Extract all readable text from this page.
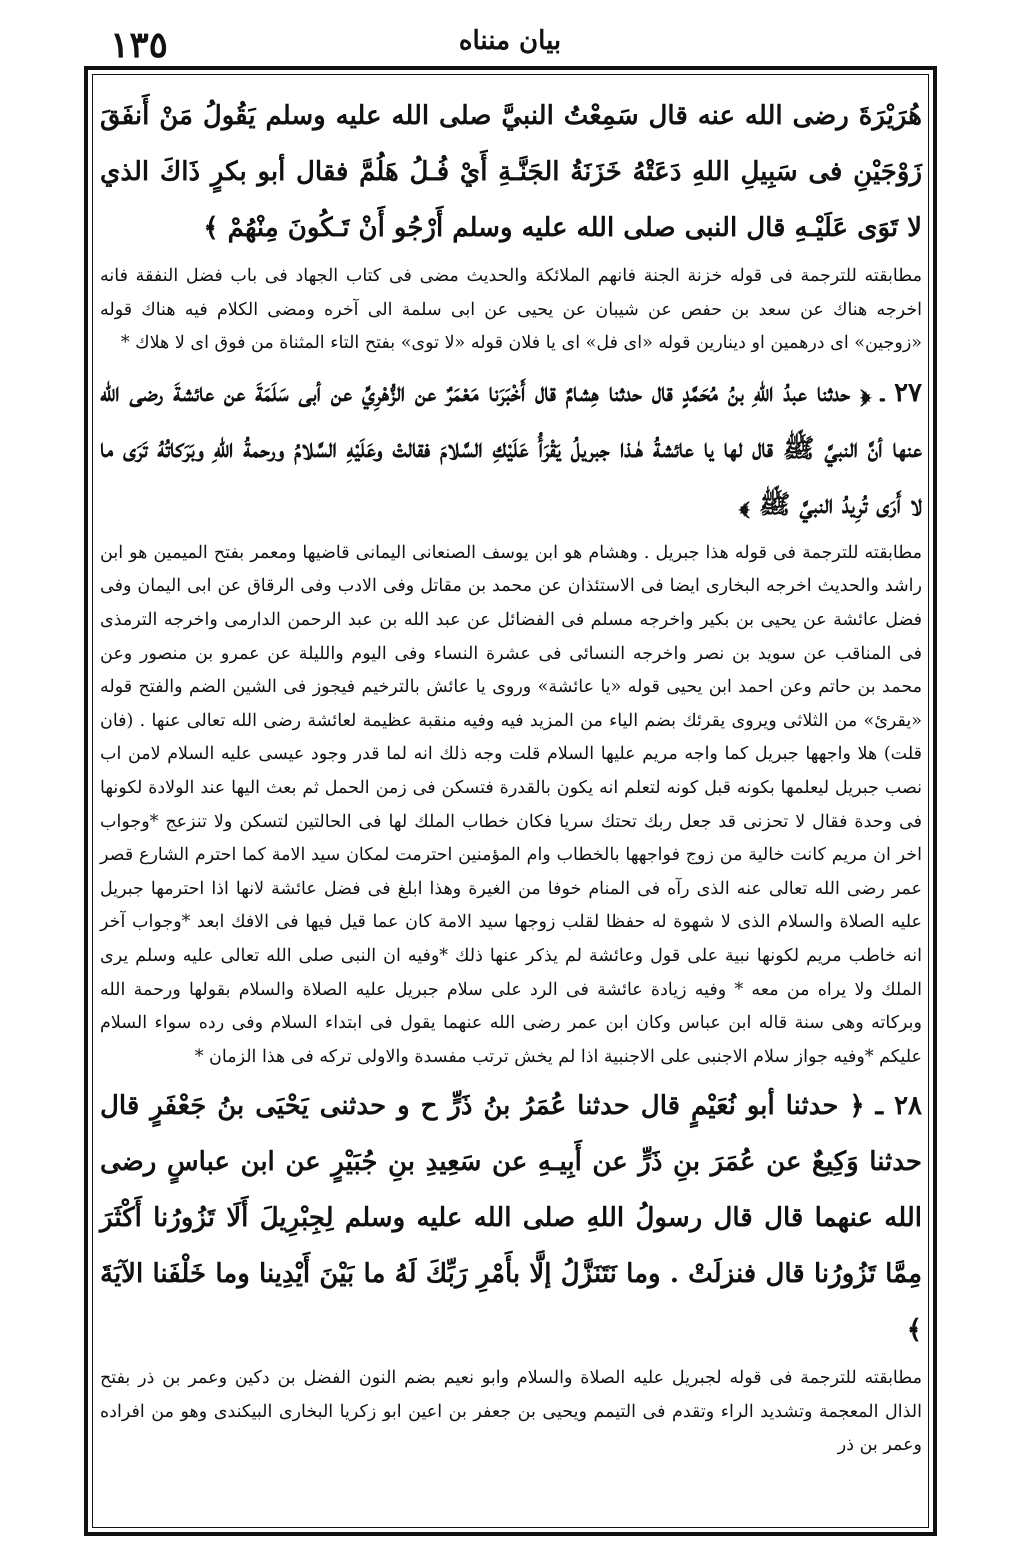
١٣٥	بيان منناه

هُرَيْرَةَ رضى الله عنه قال سَمِعْتُ النبيَّ صلى الله عليه وسلم يَقُولُ مَنْ أَنفَقَ زَوْجَيْنِ فى سَبِيلِ اللهِ دَعَتْهُ خَزَنَةُ الجَنَّـةِ أَيْ فُـلُ هَلُمَّ فقال أبو بكرٍ ذَاكَ الذي لا تَوَى عَلَيْـهِ قال النبى صلى الله عليه وسلم أَرْجُو أَنْ تَـكُونَ مِنْهُمْ ﴾

مطابقته للترجمة فى قوله خزنة الجنة فانهم الملائكة والحديث مضى فى كتاب الجهاد فى باب فضل النفقة فانه اخرجه هناك عن سعد بن حفص عن شيبان عن يحيى عن ابى سلمة الى آخره ومضى الكلام فيه هناك قوله «زوجين» اى درهمين او دينارين قوله «اى فل» اى يا فلان قوله «لا توى» بفتح التاء المثناة من فوق اى لا هلاك *

٢٧ ـ ﴿ حدثنا عبدُ اللهِ بنُ مُحَمَّدٍ قال حدثنا هِشامٌ قال أَخْبَرَنا مَعْمَرٌ عن الزُّهْرِيِّ عن أبى سَلَمَةَ عن عائشةَ رضى الله عنها أنَّ النبيَّ ﷺ قال لها يا عائشةُ هٰـذا جبريلُ يَقْرَأُ عَلَيْكِ السَّلامَ فقالتْ وعَلَيْهِ السَّلامُ ورحمةُ اللهِ وبَرَكاتُهُ تَرَى ما لا أَرَى تُرِيدُ النبيَّ ﷺ ﴾

مطابقته للترجمة فى قوله هذا جبريل . وهشام هو ابن يوسف الصنعانى اليمانى قاضيها ومعمر بفتح الميمين هو ابن راشد والحديث اخرجه البخارى ايضا فى الاستئذان عن محمد بن مقاتل وفى الادب وفى الرقاق عن ابى اليمان وفى فضل عائشة عن يحيى بن بكير واخرجه مسلم فى الفضائل عن عبد الله بن عبد الرحمن الدارمى واخرجه الترمذى فى المناقب عن سويد بن نصر واخرجه النسائى فى عشرة النساء وفى اليوم والليلة عن عمرو بن منصور وعن محمد بن حاتم وعن احمد ابن يحيى قوله «يا عائشة» وروى يا عائش بالترخيم فيجوز فى الشين الضم والفتح قوله «يقرئ» من الثلاثى ويروى يقرئك بضم الياء من المزيد فيه وفيه منقبة عظيمة لعائشة رضى الله تعالى عنها . (فان قلت) هلا واجهها جبريل كما واجه مريم عليها السلام قلت وجه ذلك انه لما قدر وجود عيسى عليه السلام لامن اب نصب جبريل ليعلمها بكونه قبل كونه لتعلم انه يكون بالقدرة فتسكن فى زمن الحمل ثم بعث اليها عند الولادة لكونها فى وحدة فقال لا تحزنى قد جعل ربك تحتك سريا فكان خطاب الملك لها فى الحالتين لتسكن ولا تنزعج *وجواب اخر ان مريم كانت خالية من زوج فواجهها بالخطاب وام المؤمنين احترمت لمكان سيد الامة كما احترم الشارع قصر عمر رضى الله تعالى عنه الذى رآه فى المنام خوفا من الغيرة وهذا ابلغ فى فضل عائشة لانها اذا احترمها جبريل عليه الصلاة والسلام الذى لا شهوة له حفظا لقلب زوجها سيد الامة كان عما قيل فيها فى الافك ابعد *وجواب آخر انه خاطب مريم لكونها نبية على قول وعائشة لم يذكر عنها ذلك *وفيه ان النبى صلى الله تعالى عليه وسلم يرى الملك ولا يراه من معه * وفيه زيادة عائشة فى الرد على سلام جبريل عليه الصلاة والسلام بقولها ورحمة الله وبركاته وهى سنة قاله ابن عباس وكان ابن عمر رضى الله عنهما يقول فى ابتداء السلام وفى رده سواء السلام عليكم *وفيه جواز سلام الاجنبى على الاجنبية اذا لم يخش ترتب مفسدة والاولى تركه فى هذا الزمان *

٢٨ ـ ﴿ حدثنا أبو نُعَيْمٍ قال حدثنا عُمَرُ بنُ ذَرٍّ ح و حدثنى يَحْيَى بنُ جَعْفَرٍ قال حدثنا وَكِيعٌ عن عُمَرَ بنِ ذَرٍّ عن أَبِيـهِ عن سَعِيدِ بنِ جُبَيْرٍ عن ابن عباسٍ رضى الله عنهما قال قال رسولُ اللهِ صلى الله عليه وسلم لِجِبْرِيلَ أَلَا تَزُورُنا أَكْثَرَ مِمَّا تَزُورُنا قال فنزلَتْ . وما نَتَنَزَّلُ إلَّا بأَمْرِ رَبِّكَ لَهُ ما بَيْنَ أَيْدِينا وما خَلْفَنا الآيَةَ ﴾

مطابقته للترجمة فى قوله لجبريل عليه الصلاة والسلام وابو نعيم بضم النون الفضل بن دكين وعمر بن ذر بفتح الذال المعجمة وتشديد الراء وتقدم فى التيمم ويحيى بن جعفر بن اعين ابو زكريا البخارى البيكندى وهو من افراده وعمر بن ذر
